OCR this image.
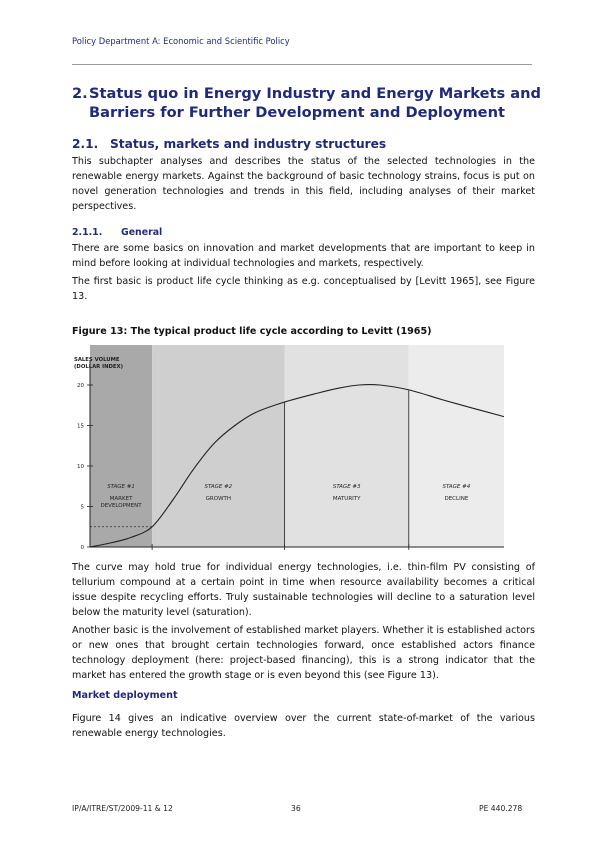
Policy Department A: Economic and Scientific Policy
2. Status quo in Energy Industry and Energy Markets and Barriers for Further Development and Deployment
2.1. Status, markets and industry structures
This subchapter analyses and describes the status of the selected technologies in the renewable energy markets. Against the background of basic technology strains, focus is put on novel generation technologies and trends in this field, including analyses of their market perspectives.
2.1.1. General
There are some basics on innovation and market developments that are important to keep in mind before looking at individual technologies and markets, respectively.
The first basic is product life cycle thinking as e.g. conceptualised by [Levitt 1965], see Figure 13.
Figure 13: The typical product life cycle according to Levitt (1965)
0
5
10
15
20
SALES VOLUME
(DOLLAR INDEX)
STAGE #1
MARKET
DEVELOPMENT
STAGE #2
GROWTH
STAGE #3
MATURITY
STAGE #4
DECLINE
The curve may hold true for individual energy technologies, i.e. thin-film PV consisting of tellurium compound at a certain point in time when resource availability becomes a critical issue despite recycling efforts. Truly sustainable technologies will decline to a saturation level below the maturity level (saturation).
Another basic is the involvement of established market players. Whether it is established actors or new ones that brought certain technologies forward, once established actors finance technology deployment (here: project-based financing), this is a strong indicator that the market has entered the growth stage or is even beyond this (see Figure 13).
Market deployment
Figure 14 gives an indicative overview over the current state-of-market of the various renewable energy technologies.
IP/A/ITRE/ST/2009-11 & 12	36	PE 440.278
